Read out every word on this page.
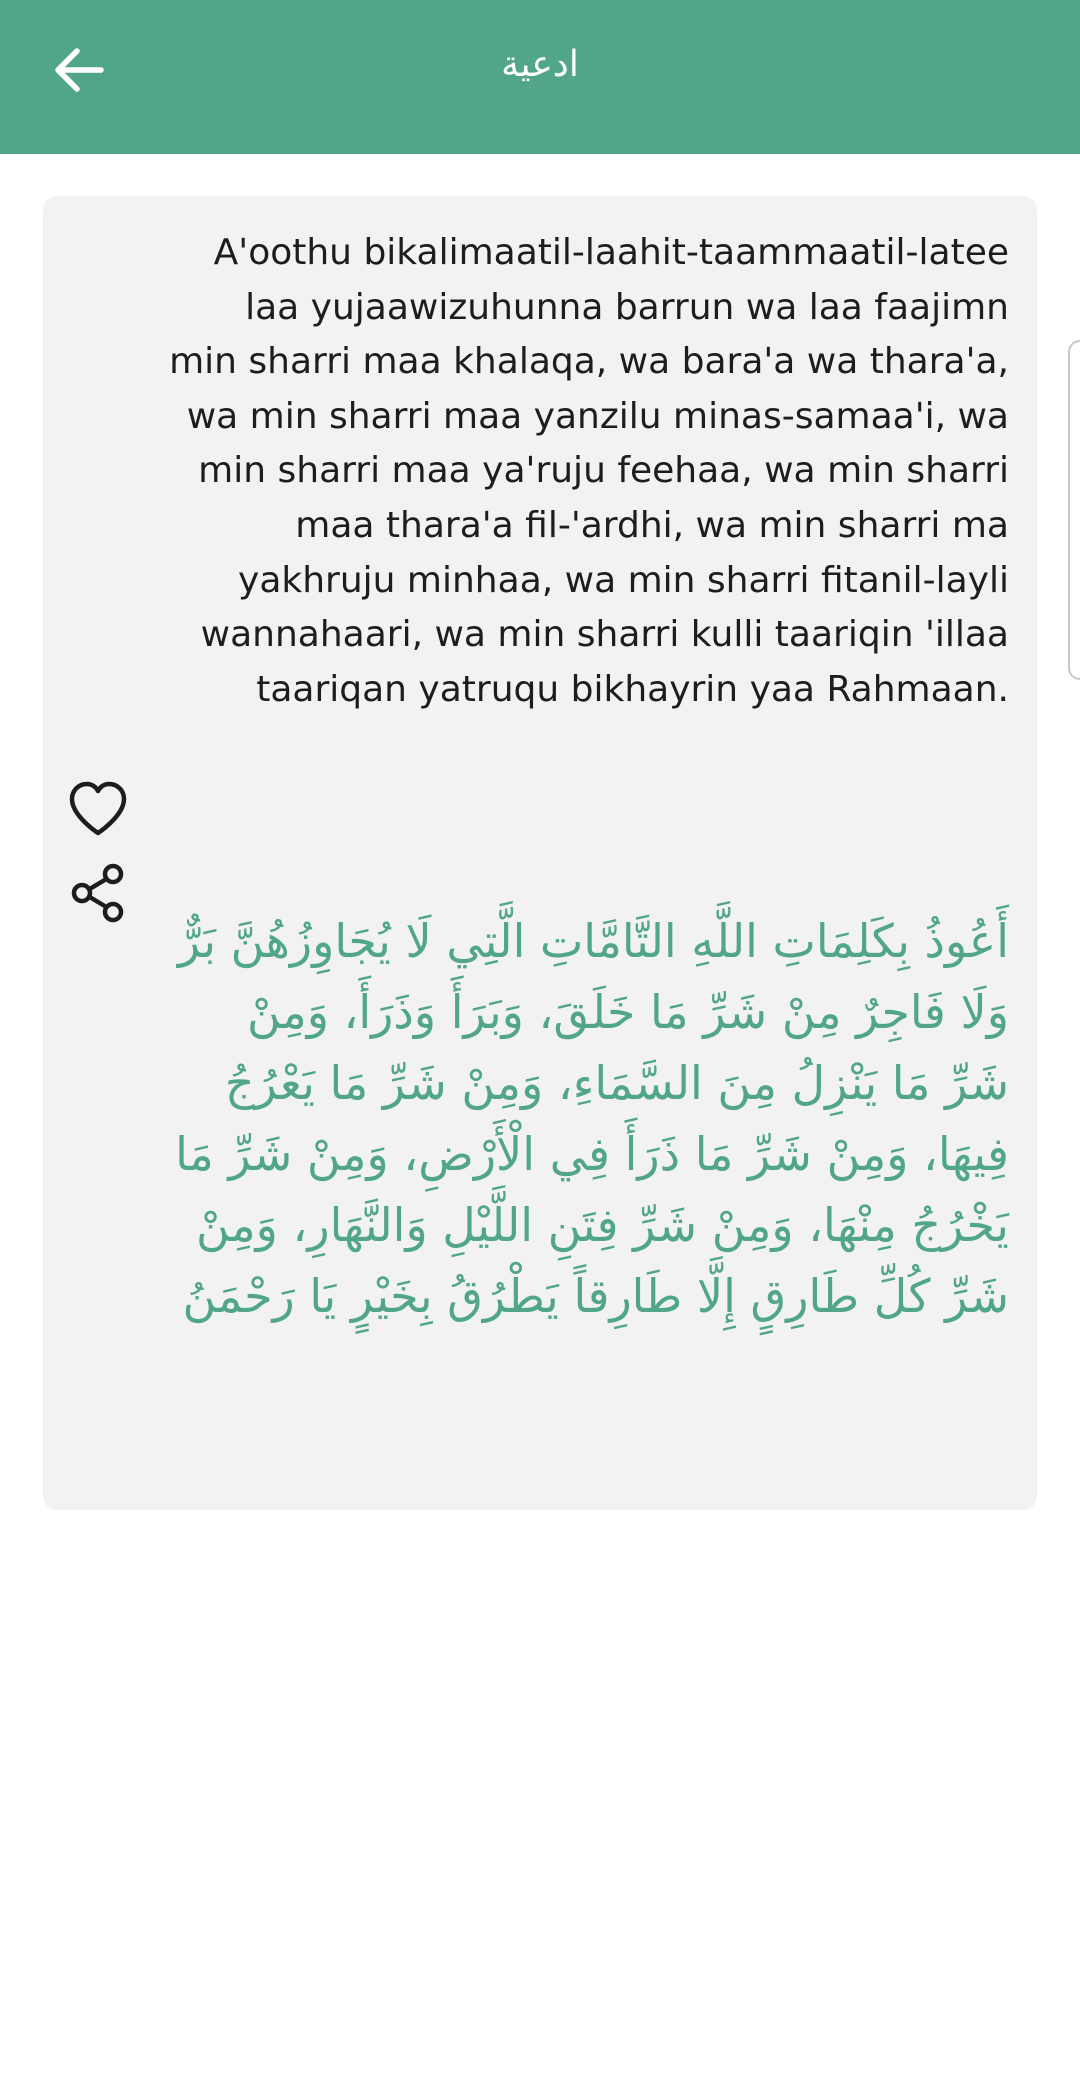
ادعية
A'oothu bikalimaatil-laahit-taammaatil-latee laa yujaawizuhunna barrun wa laa faajimn min sharri maa khalaqa, wa bara'a wa thara'a, wa min sharri maa yanzilu minas-samaa'i, wa min sharri maa ya'ruju feehaa, wa min sharri maa thara'a fil-'ardhi, wa min sharri ma yakhruju minhaa, wa min sharri fitanil-layli wannahaari, wa min sharri kulli taariqin 'illaa taariqan yatruqu bikhayrin yaa Rahmaan.
أَعُوذُ بِكَلِمَاتِ اللَّهِ التَّامَّاتِ الَّتِي لَا يُجَاوِزُهُنَّ بَرٌّ وَلَا فَاجِرٌ مِنْ شَرِّ مَا خَلَقَ، وَبَرَأَ وَذَرَأَ، وَمِنْ شَرِّ مَا يَنْزِلُ مِنَ السَّمَاءِ، وَمِنْ شَرِّ مَا يَعْرُجُ فِيهَا، وَمِنْ شَرِّ مَا ذَرَأَ فِي الْأَرْضِ، وَمِنْ شَرِّ مَا يَخْرُجُ مِنْهَا، وَمِنْ شَرِّ فِتَنِ اللَّيْلِ وَالنَّهَارِ، وَمِنْ شَرِّ كُلِّ طَارِقٍ إِلَّا طَارِقاً يَطْرُقُ بِخَيْرٍ يَا رَحْمَنُ
